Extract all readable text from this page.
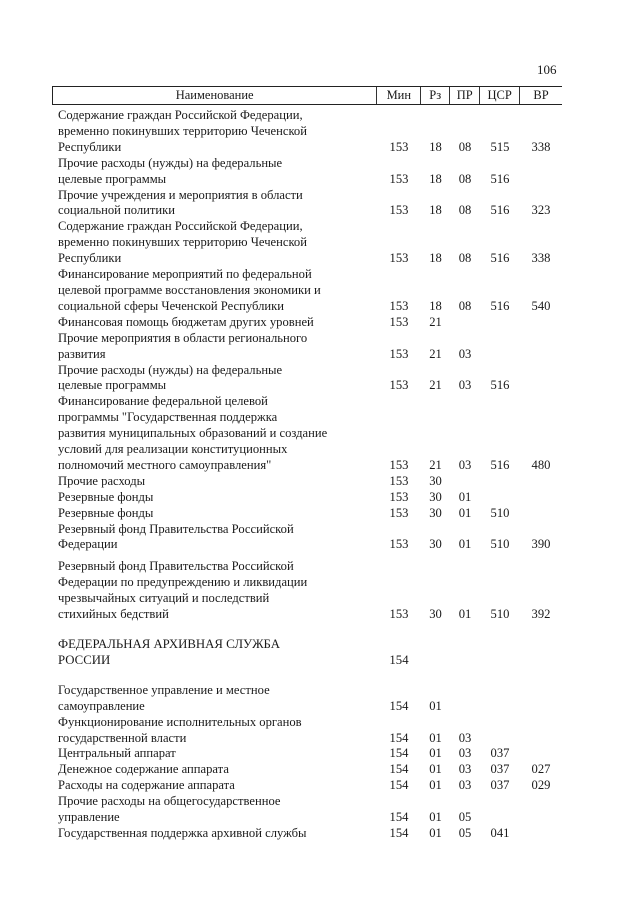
106
Наименование	Мин	Рз	ПР	ЦСР	ВР
Содержание граждан Российской Федерации,
временно покинувших территорию Чеченской
Республики	153	18	08	515	338
Прочие расходы (нужды) на федеральные
целевые программы	153	18	08	516
Прочие учреждения и мероприятия в области
социальной политики	153	18	08	516	323
Содержание граждан Российской Федерации,
временно покинувших территорию Чеченской
Республики	153	18	08	516	338
Финансирование мероприятий по федеральной
целевой программе восстановления экономики и
социальной сферы Чеченской Республики	153	18	08	516	540
Финансовая помощь бюджетам других уровней	153	21
Прочие мероприятия в области регионального
развития	153	21	03
Прочие расходы (нужды) на федеральные
целевые программы	153	21	03	516
Финансирование федеральной целевой
программы "Государственная поддержка
развития муниципальных образований и создание
условий для реализации конституционных
полномочий местного самоуправления"	153	21	03	516	480
Прочие расходы	153	30
Резервные фонды	153	30	01
Резервные фонды	153	30	01	510
Резервный фонд Правительства Российской
Федерации	153	30	01	510	390
Резервный фонд Правительства Российской
Федерации по предупреждению и ликвидации
чрезвычайных ситуаций и последствий
стихийных бедствий	153	30	01	510	392
ФЕДЕРАЛЬНАЯ АРХИВНАЯ СЛУЖБА
РОССИИ	154
Государственное управление и местное
самоуправление	154	01
Функционирование исполнительных органов
государственной власти	154	01	03
Центральный аппарат	154	01	03	037
Денежное содержание аппарата	154	01	03	037	027
Расходы на содержание аппарата	154	01	03	037	029
Прочие расходы на общегосударственное
управление	154	01	05
Государственная поддержка архивной службы	154	01	05	041
